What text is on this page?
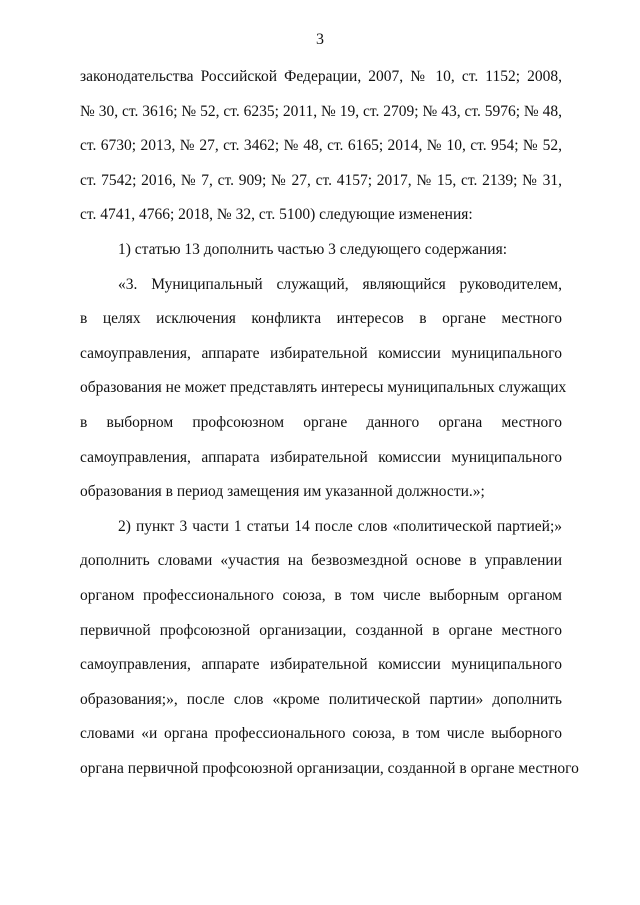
3
законодательства Российской Федерации, 2007, № 10, ст. 1152; 2008,
№ 30, ст. 3616; № 52, ст. 6235; 2011, № 19, ст. 2709; № 43, ст. 5976; № 48,
ст. 6730; 2013, № 27, ст. 3462; № 48, ст. 6165; 2014, № 10, ст. 954; № 52,
ст. 7542; 2016, № 7, ст. 909; № 27, ст. 4157; 2017, № 15, ст. 2139; № 31,
ст. 4741, 4766; 2018, № 32, ст. 5100) следующие изменения:
1) статью 13 дополнить частью 3 следующего содержания:
«3. Муниципальный служащий, являющийся руководителем,
в целях исключения конфликта интересов в органе местного
самоуправления, аппарате избирательной комиссии муниципального
образования не может представлять интересы муниципальных служащих
в выборном профсоюзном органе данного органа местного
самоуправления, аппарата избирательной комиссии муниципального
образования в период замещения им указанной должности.»;
2) пункт 3 части 1 статьи 14 после слов «политической партией;»
дополнить словами «участия на безвозмездной основе в управлении
органом профессионального союза, в том числе выборным органом
первичной профсоюзной организации, созданной в органе местного
самоуправления, аппарате избирательной комиссии муниципального
образования;», после слов «кроме политической партии» дополнить
словами «и органа профессионального союза, в том числе выборного
органа первичной профсоюзной организации, созданной в органе местного
